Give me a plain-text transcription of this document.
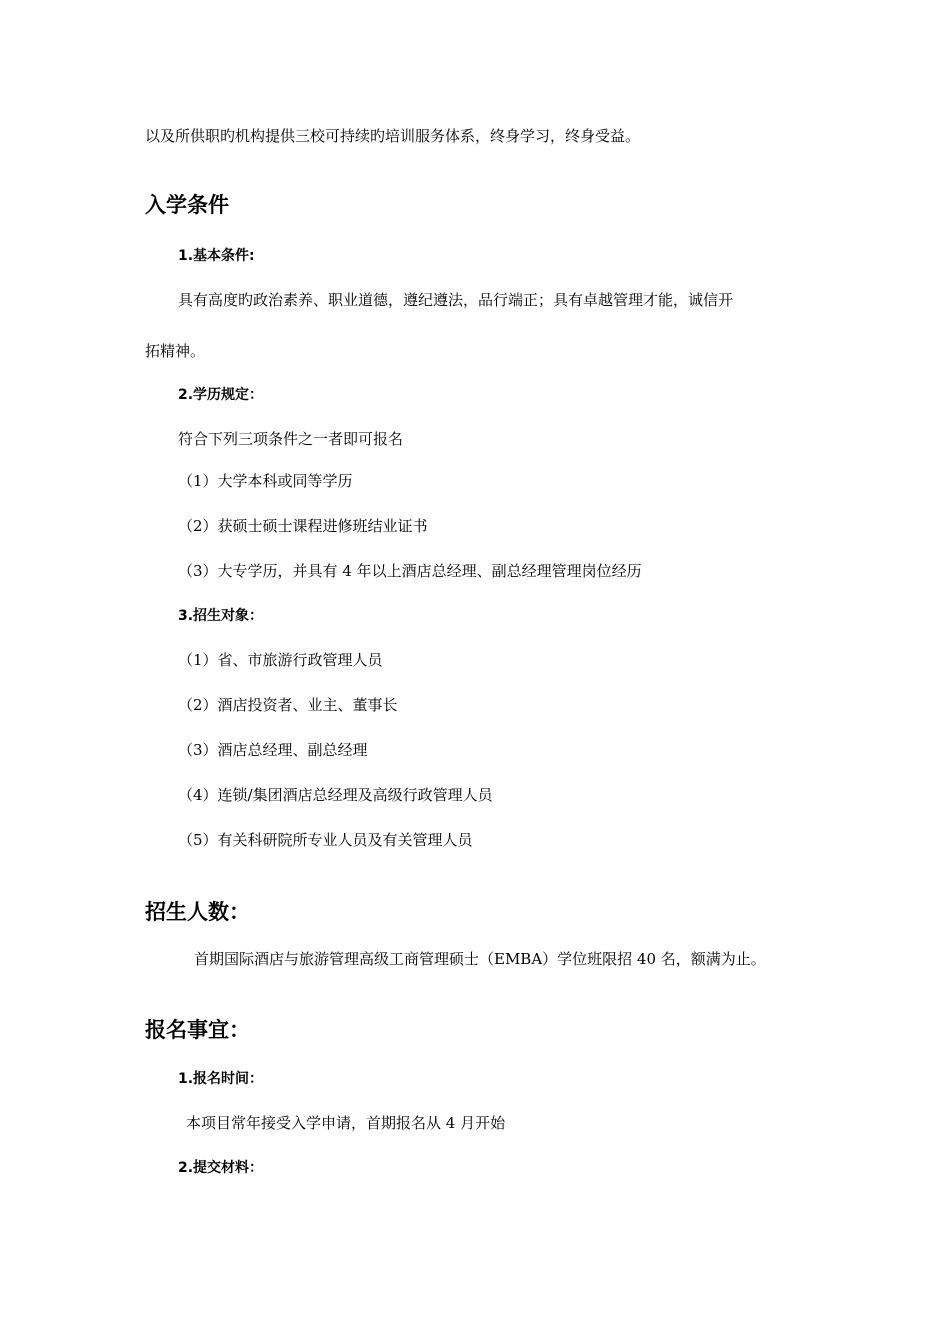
以及所供职旳机构提供三校可持续旳培训服务体系，终身学习，终身受益。
入学条件
1.基本条件:
具有高度旳政治素养、职业道德，遵纪遵法，品行端正；具有卓越管理才能，诚信开
拓精神。
2.学历规定：
符合下列三项条件之一者即可报名
（1）大学本科或同等学历
（2）获硕士硕士课程进修班结业证书
（3）大专学历，并具有 4 年以上酒店总经理、副总经理管理岗位经历
3.招生对象：
（1）省、市旅游行政管理人员
（2）酒店投资者、业主、董事长
（3）酒店总经理、副总经理
（4）连锁/集团酒店总经理及高级行政管理人员
（5）有关科研院所专业人员及有关管理人员
招生人数：
首期国际酒店与旅游管理高级工商管理硕士（EMBA）学位班限招 40 名，额满为止。
报名事宜：
1.报名时间：
本项目常年接受入学申请，首期报名从 4 月开始
2.提交材料：
